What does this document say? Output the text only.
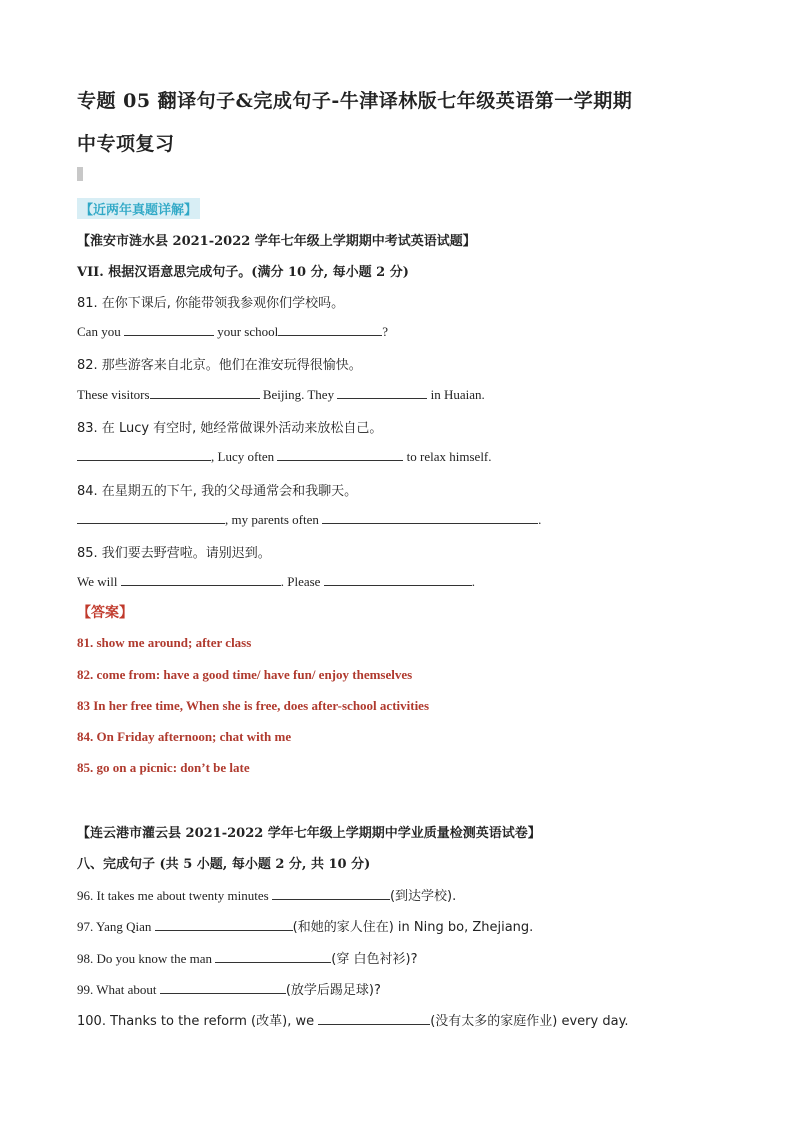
专题 05 翻译句子&完成句子-牛津译林版七年级英语第一学期期
中专项复习
【近两年真题详解】
【淮安市涟水县 2021-2022 学年七年级上学期期中考试英语试题】
VII. 根据汉语意思完成句子。(满分 10 分, 每小题 2 分)
81. 在你下课后, 你能带领我参观你们学校吗。
Can you	your school	?
82. 那些游客来自北京。他们在淮安玩得很愉快。
These visitors	Beijing. They	in Huaian.
83. 在 Lucy 有空时, 她经常做课外活动来放松自己。
, Lucy often	to relax himself.
84. 在星期五的下午, 我的父母通常会和我聊天。
, my parents often	.
85. 我们要去野营啦。请别迟到。
We will	. Please	.
【答案】
81. show me around; after class
82. come from: have a good time/ have fun/ enjoy themselves
83 In her free time, When she is free, does after-school activities
84. On Friday afternoon; chat with me
85. go on a picnic: don’t be late
【连云港市灌云县 2021-2022 学年七年级上学期期中学业质量检测英语试卷】
八、完成句子 (共 5 小题, 每小题 2 分, 共 10 分)
96. It takes me about twenty minutes	(到达学校).
97. Yang Qian	(和她的家人住在) in Ning bo, Zhejiang.
98. Do you know the man	(穿 白色衬衫)?
99. What about	(放学后踢足球)?
100. Thanks to the reform (改革), we	(没有太多的家庭作业) every day.
